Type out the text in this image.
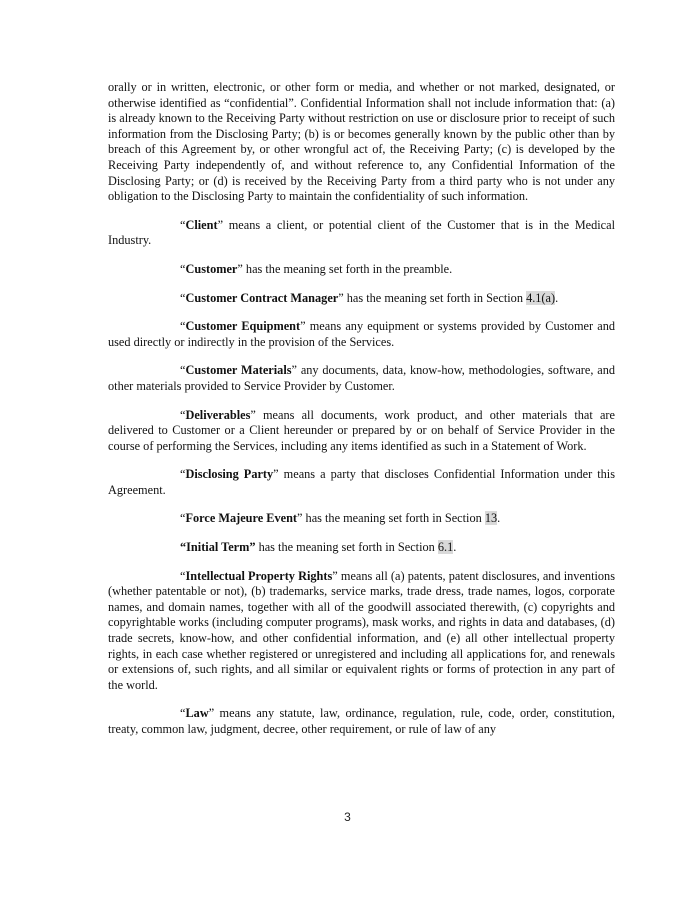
orally or in written, electronic, or other form or media, and whether or not marked, designated, or otherwise identified as “confidential”. Confidential Information shall not include information that: (a) is already known to the Receiving Party without restriction on use or disclosure prior to receipt of such information from the Disclosing Party; (b) is or becomes generally known by the public other than by breach of this Agreement by, or other wrongful act of, the Receiving Party; (c) is developed by the Receiving Party independently of, and without reference to, any Confidential Information of the Disclosing Party; or (d) is received by the Receiving Party from a third party who is not under any obligation to the Disclosing Party to maintain the confidentiality of such information.

“Client” means a client, or potential client of the Customer that is in the Medical Industry.

“Customer” has the meaning set forth in the preamble.

“Customer Contract Manager” has the meaning set forth in Section 4.1(a).

“Customer Equipment” means any equipment or systems provided by Customer and used directly or indirectly in the provision of the Services.

“Customer Materials” any documents, data, know-how, methodologies, software, and other materials provided to Service Provider by Customer.

“Deliverables” means all documents, work product, and other materials that are delivered to Customer or a Client hereunder or prepared by or on behalf of Service Provider in the course of performing the Services, including any items identified as such in a Statement of Work.

“Disclosing Party” means a party that discloses Confidential Information under this Agreement.

“Force Majeure Event” has the meaning set forth in Section 13.

“Initial Term” has the meaning set forth in Section 6.1.

“Intellectual Property Rights” means all (a) patents, patent disclosures, and inventions (whether patentable or not), (b) trademarks, service marks, trade dress, trade names, logos, corporate names, and domain names, together with all of the goodwill associated therewith, (c) copyrights and copyrightable works (including computer programs), mask works, and rights in data and databases, (d) trade secrets, know-how, and other confidential information, and (e) all other intellectual property rights, in each case whether registered or unregistered and including all applications for, and renewals or extensions of, such rights, and all similar or equivalent rights or forms of protection in any part of the world.

“Law” means any statute, law, ordinance, regulation, rule, code, order, constitution, treaty, common law, judgment, decree, other requirement, or rule of law of any

3
